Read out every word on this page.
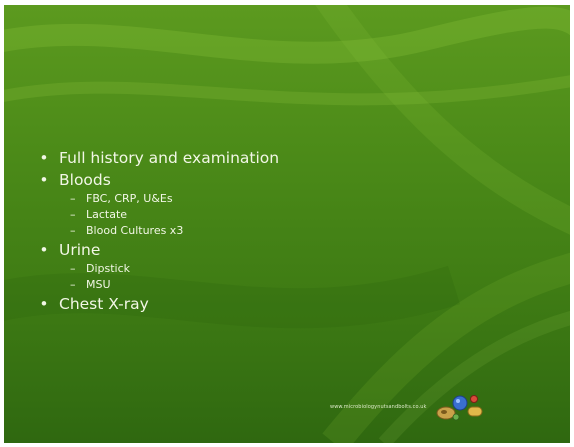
• Full history and examination
• Bloods
– FBC, CRP, U&Es
– Lactate
– Blood Cultures x3
• Urine
– Dipstick
– MSU
• Chest X-ray
www.microbiologynutsandbolts.co.uk
